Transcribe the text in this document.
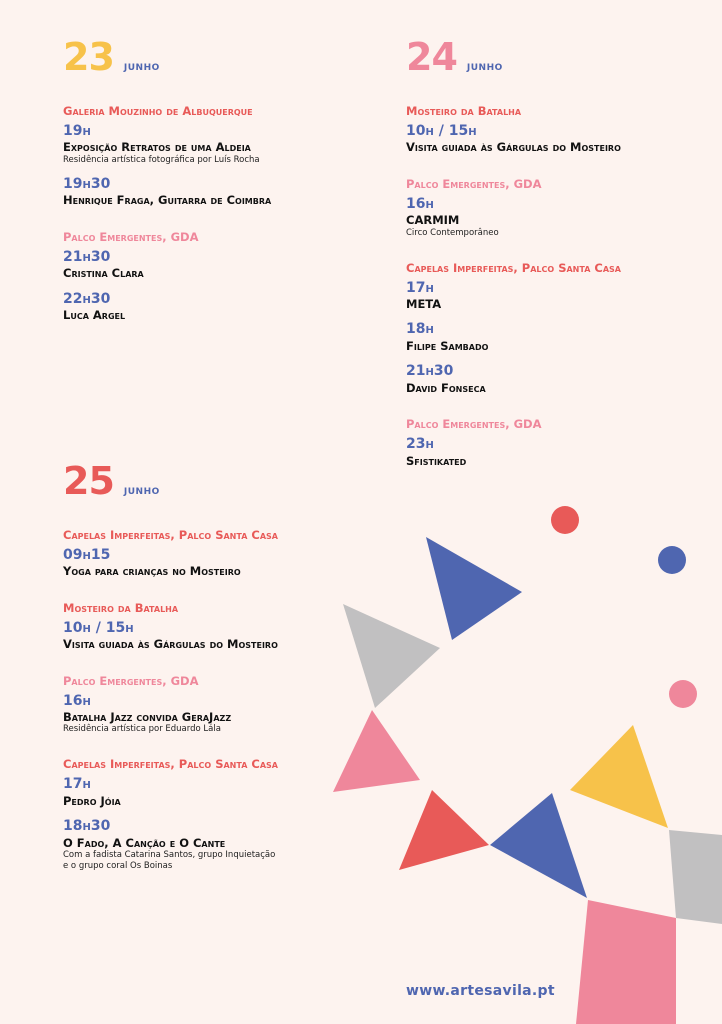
23 junho
Galeria Mouzinho de Albuquerque
19h
Exposição Retratos de uma Aldeia
Residência artística fotográfica por Luís Rocha
19h30
Henrique Fraga, Guitarra de Coimbra
Palco Emergentes, GDA
21h30
Cristina Clara
22h30
Luca Argel
24 junho
Mosteiro da Batalha
10h / 15h
Visita guiada às Gárgulas do Mosteiro
Palco Emergentes, GDA
16h
CARMIM
Circo Contemporâneo
Capelas Imperfeitas, Palco Santa Casa
17h
META
18h
Filipe Sambado
21h30
David Fonseca
Palco Emergentes, GDA
23h
Sfistikated
25 junho
Capelas Imperfeitas, Palco Santa Casa
09h15
Yoga para crianças no Mosteiro
Mosteiro da Batalha
10h / 15h
Visita guiada às Gárgulas do Mosteiro
Palco Emergentes, GDA
16h
Batalha Jazz convida GeraJazz
Residência artística por Eduardo Lála
Capelas Imperfeitas, Palco Santa Casa
17h
Pedro Jóia
18h30
O Fado, A Canção e O Cante
Com a fadista Catarina Santos, grupo Inquietação
e o grupo coral Os Boinas
www.artesavila.pt
